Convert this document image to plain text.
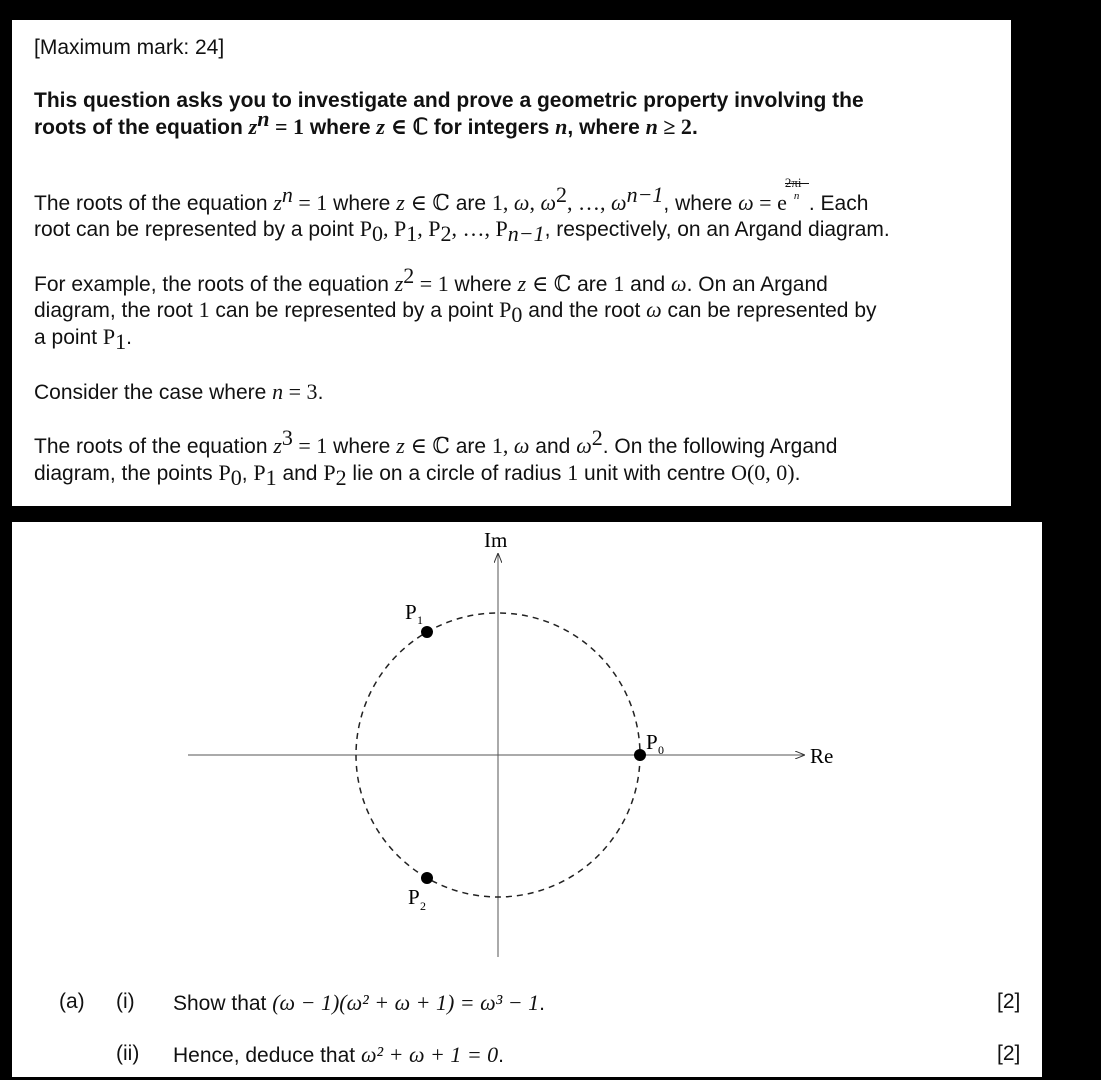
[Maximum mark: 24]
This question asks you to investigate and prove a geometric property involving the
roots of the equation $z^n = 1$ where z ∈ ℂ for integers n, where n ≥ 2.
The roots of the equation $z^n = 1$ where z ∈ ℂ are 1, ω, $\omega^2$, …, $\omega^{n-1}$, where ω = e
2πi
n . Each
root can be represented by a point $P_0$, $P_1$, $P_2$, …, $P_{n-1}$, respectively, on an Argand diagram.
For example, the roots of the equation $z^2 = 1$ where z ∈ ℂ are 1 and ω. On an Argand
diagram, the root 1 can be represented by a point $P_0$ and the root ω can be represented by
a point $P_1$.
Consider the case where n = 3.
The roots of the equation $z^3 = 1$ where z ∈ ℂ are 1, ω and $\omega^2$. On the following Argand
diagram, the points $P_0$, $P_1$ and $P_2$ lie on a circle of radius 1 unit with centre O(0, 0).
Im
Re
P 0
P 1
P 2
(a) (i) Show that (ω − 1)(ω² + ω + 1) = ω³ − 1.	[2]
(ii) Hence, deduce that ω² + ω + 1 = 0.	[2]
